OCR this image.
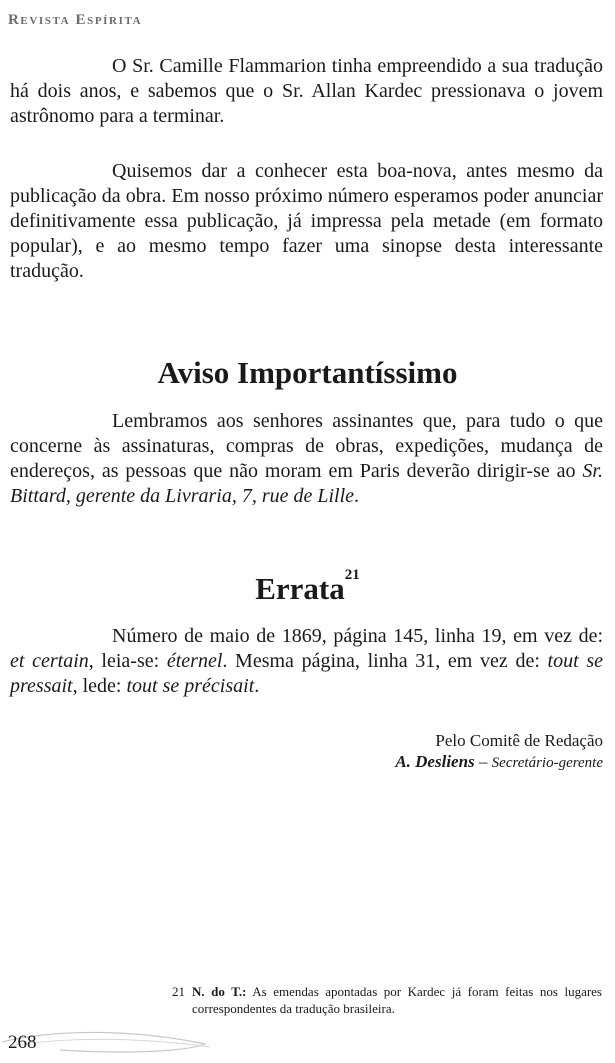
Revista Espírita

O Sr. Camille Flammarion tinha empreendido a sua tradução há dois anos, e sabemos que o Sr. Allan Kardec pressionava o jovem astrônomo para a terminar.

Quisemos dar a conhecer esta boa-nova, antes mesmo da publicação da obra. Em nosso próximo número esperamos poder anunciar definitivamente essa publicação, já impressa pela metade (em formato popular), e ao mesmo tempo fazer uma sinopse desta interessante tradução.

Aviso Importantíssimo

Lembramos aos senhores assinantes que, para tudo o que concerne às assinaturas, compras de obras, expedições, mudança de endereços, as pessoas que não moram em Paris deverão dirigir-se ao Sr. Bittard, gerente da Livraria, 7, rue de Lille.

Errata$^{21}$

Número de maio de 1869, página 145, linha 19, em vez de: et certain, leia-se: éternel. Mesma página, linha 31, em vez de: tout se pressait, lede: tout se précisait.

Pelo Comitê de Redação
A. Desliens – Secretário-gerente
21 N. do T.: As emendas apontadas por Kardec já foram feitas nos lugares correspondentes da tradução brasileira.
268
